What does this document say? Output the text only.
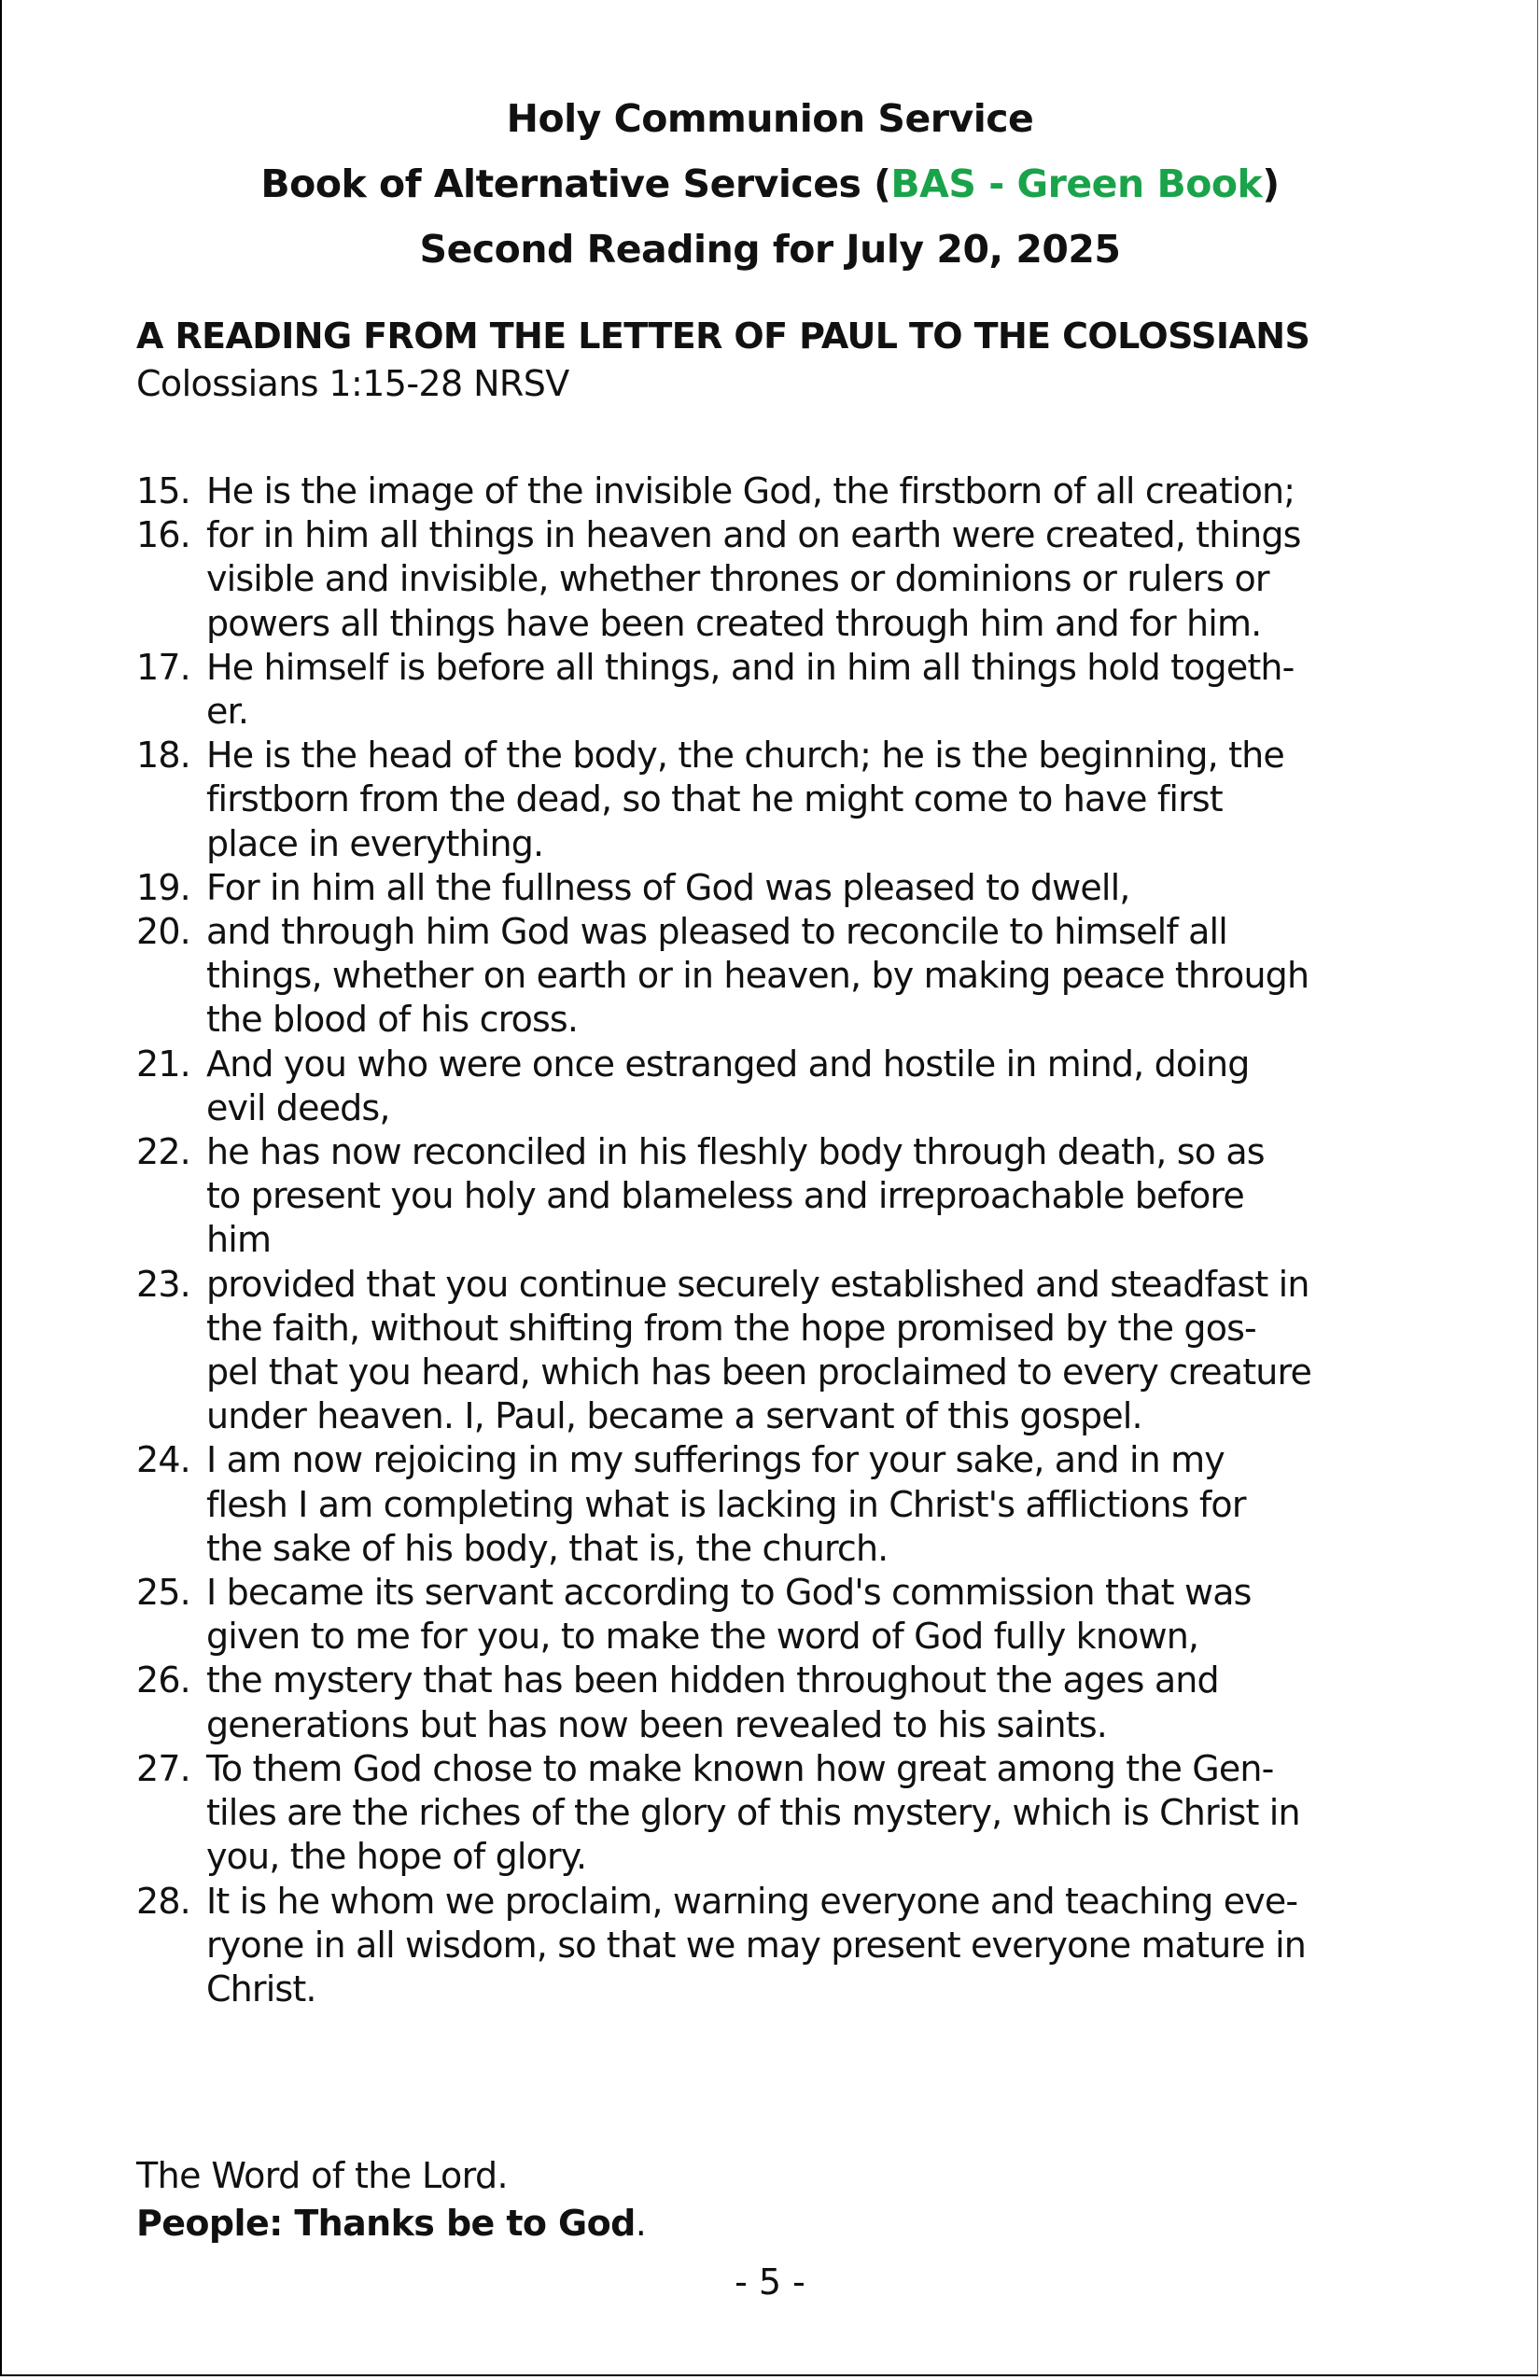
Holy Communion Service
Book of Alternative Services (BAS - Green Book)
Second Reading for July 20, 2025
A READING FROM THE LETTER OF PAUL TO THE COLOSSIANS
Colossians 1:15-28 NRSV
15. He is the image of the invisible God, the firstborn of all creation;
16. for in him all things in heaven and on earth were created, things
visible and invisible, whether thrones or dominions or rulers or
powers all things have been created through him and for him.
17. He himself is before all things, and in him all things hold togeth-
er.
18. He is the head of the body, the church; he is the beginning, the
firstborn from the dead, so that he might come to have first
place in everything.
19. For in him all the fullness of God was pleased to dwell,
20. and through him God was pleased to reconcile to himself all
things, whether on earth or in heaven, by making peace through
the blood of his cross.
21. And you who were once estranged and hostile in mind, doing
evil deeds,
22. he has now reconciled in his fleshly body through death, so as
to present you holy and blameless and irreproachable before
him
23. provided that you continue securely established and steadfast in
the faith, without shifting from the hope promised by the gos-
pel that you heard, which has been proclaimed to every creature
under heaven. I, Paul, became a servant of this gospel.
24. I am now rejoicing in my sufferings for your sake, and in my
flesh I am completing what is lacking in Christ's afflictions for
the sake of his body, that is, the church.
25. I became its servant according to God's commission that was
given to me for you, to make the word of God fully known,
26. the mystery that has been hidden throughout the ages and
generations but has now been revealed to his saints.
27. To them God chose to make known how great among the Gen-
tiles are the riches of the glory of this mystery, which is Christ in
you, the hope of glory.
28. It is he whom we proclaim, warning everyone and teaching eve-
ryone in all wisdom, so that we may present everyone mature in
Christ.
The Word of the Lord.
People: Thanks be to God.
- 5 -
